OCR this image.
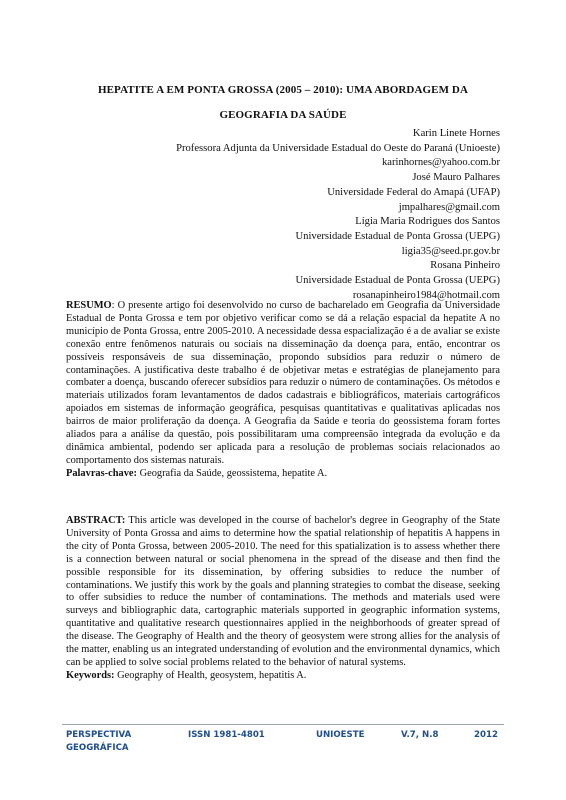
HEPATITE A EM PONTA GROSSA (2005 – 2010): UMA ABORDAGEM DA
GEOGRAFIA DA SAÚDE
Karin Linete Hornes
Professora Adjunta da Universidade Estadual do Oeste do Paraná (Unioeste)
karinhornes@yahoo.com.br
José Mauro Palhares
Universidade Federal do Amapá (UFAP)
jmpalhares@gmail.com
Lígia Maria Rodrigues dos Santos
Universidade Estadual de Ponta Grossa (UEPG)
ligia35@seed.pr.gov.br
Rosana Pinheiro
Universidade Estadual de Ponta Grossa (UEPG)
rosanapinheiro1984@hotmail.com
RESUMO: O presente artigo foi desenvolvido no curso de bacharelado em Geografia da Universidade Estadual de Ponta Grossa e tem por objetivo verificar como se dá a relação espacial da hepatite A no município de Ponta Grossa, entre 2005-2010. A necessidade dessa espacialização é a de avaliar se existe conexão entre fenômenos naturais ou sociais na disseminação da doença para, então, encontrar os possíveis responsáveis de sua disseminação, propondo subsídios para reduzir o número de contaminações. A justificativa deste trabalho é de objetivar metas e estratégias de planejamento para combater a doença, buscando oferecer subsídios para reduzir o número de contaminações. Os métodos e materiais utilizados foram levantamentos de dados cadastrais e bibliográficos, materiais cartográficos apoiados em sistemas de informação geográfica, pesquisas quantitativas e qualitativas aplicadas nos bairros de maior proliferação da doença. A Geografia da Saúde e teoria do geossistema foram fortes aliados para a análise da questão, pois possibilitaram uma compreensão integrada da evolução e da dinâmica ambiental, podendo ser aplicada para a resolução de problemas sociais relacionados ao comportamento dos sistemas naturais.
Palavras-chave: Geografia da Saúde, geossistema, hepatite A.
ABSTRACT: This article was developed in the course of bachelor's degree in Geography of the State University of Ponta Grossa and aims to determine how the spatial relationship of hepatitis A happens in the city of Ponta Grossa, between 2005-2010. The need for this spatialization is to assess whether there is a connection between natural or social phenomena in the spread of the disease and then find the possible responsible for its dissemination, by offering subsidies to reduce the number of contaminations. We justify this work by the goals and planning strategies to combat the disease, seeking to offer subsidies to reduce the number of contaminations. The methods and materials used were surveys and bibliographic data, cartographic materials supported in geographic information systems, quantitative and qualitative research questionnaires applied in the neighborhoods of greater spread of the disease. The Geography of Health and the theory of geosystem were strong allies for the analysis of the matter, enabling us an integrated understanding of evolution and the environmental dynamics, which can be applied to solve social problems related to the behavior of natural systems.
Keywords: Geography of Health, geosystem, hepatitis A.
PERSPECTIVA
GEOGRÁFICA
ISSN 1981-4801	UNIOESTE	V.7, N.8	2012
